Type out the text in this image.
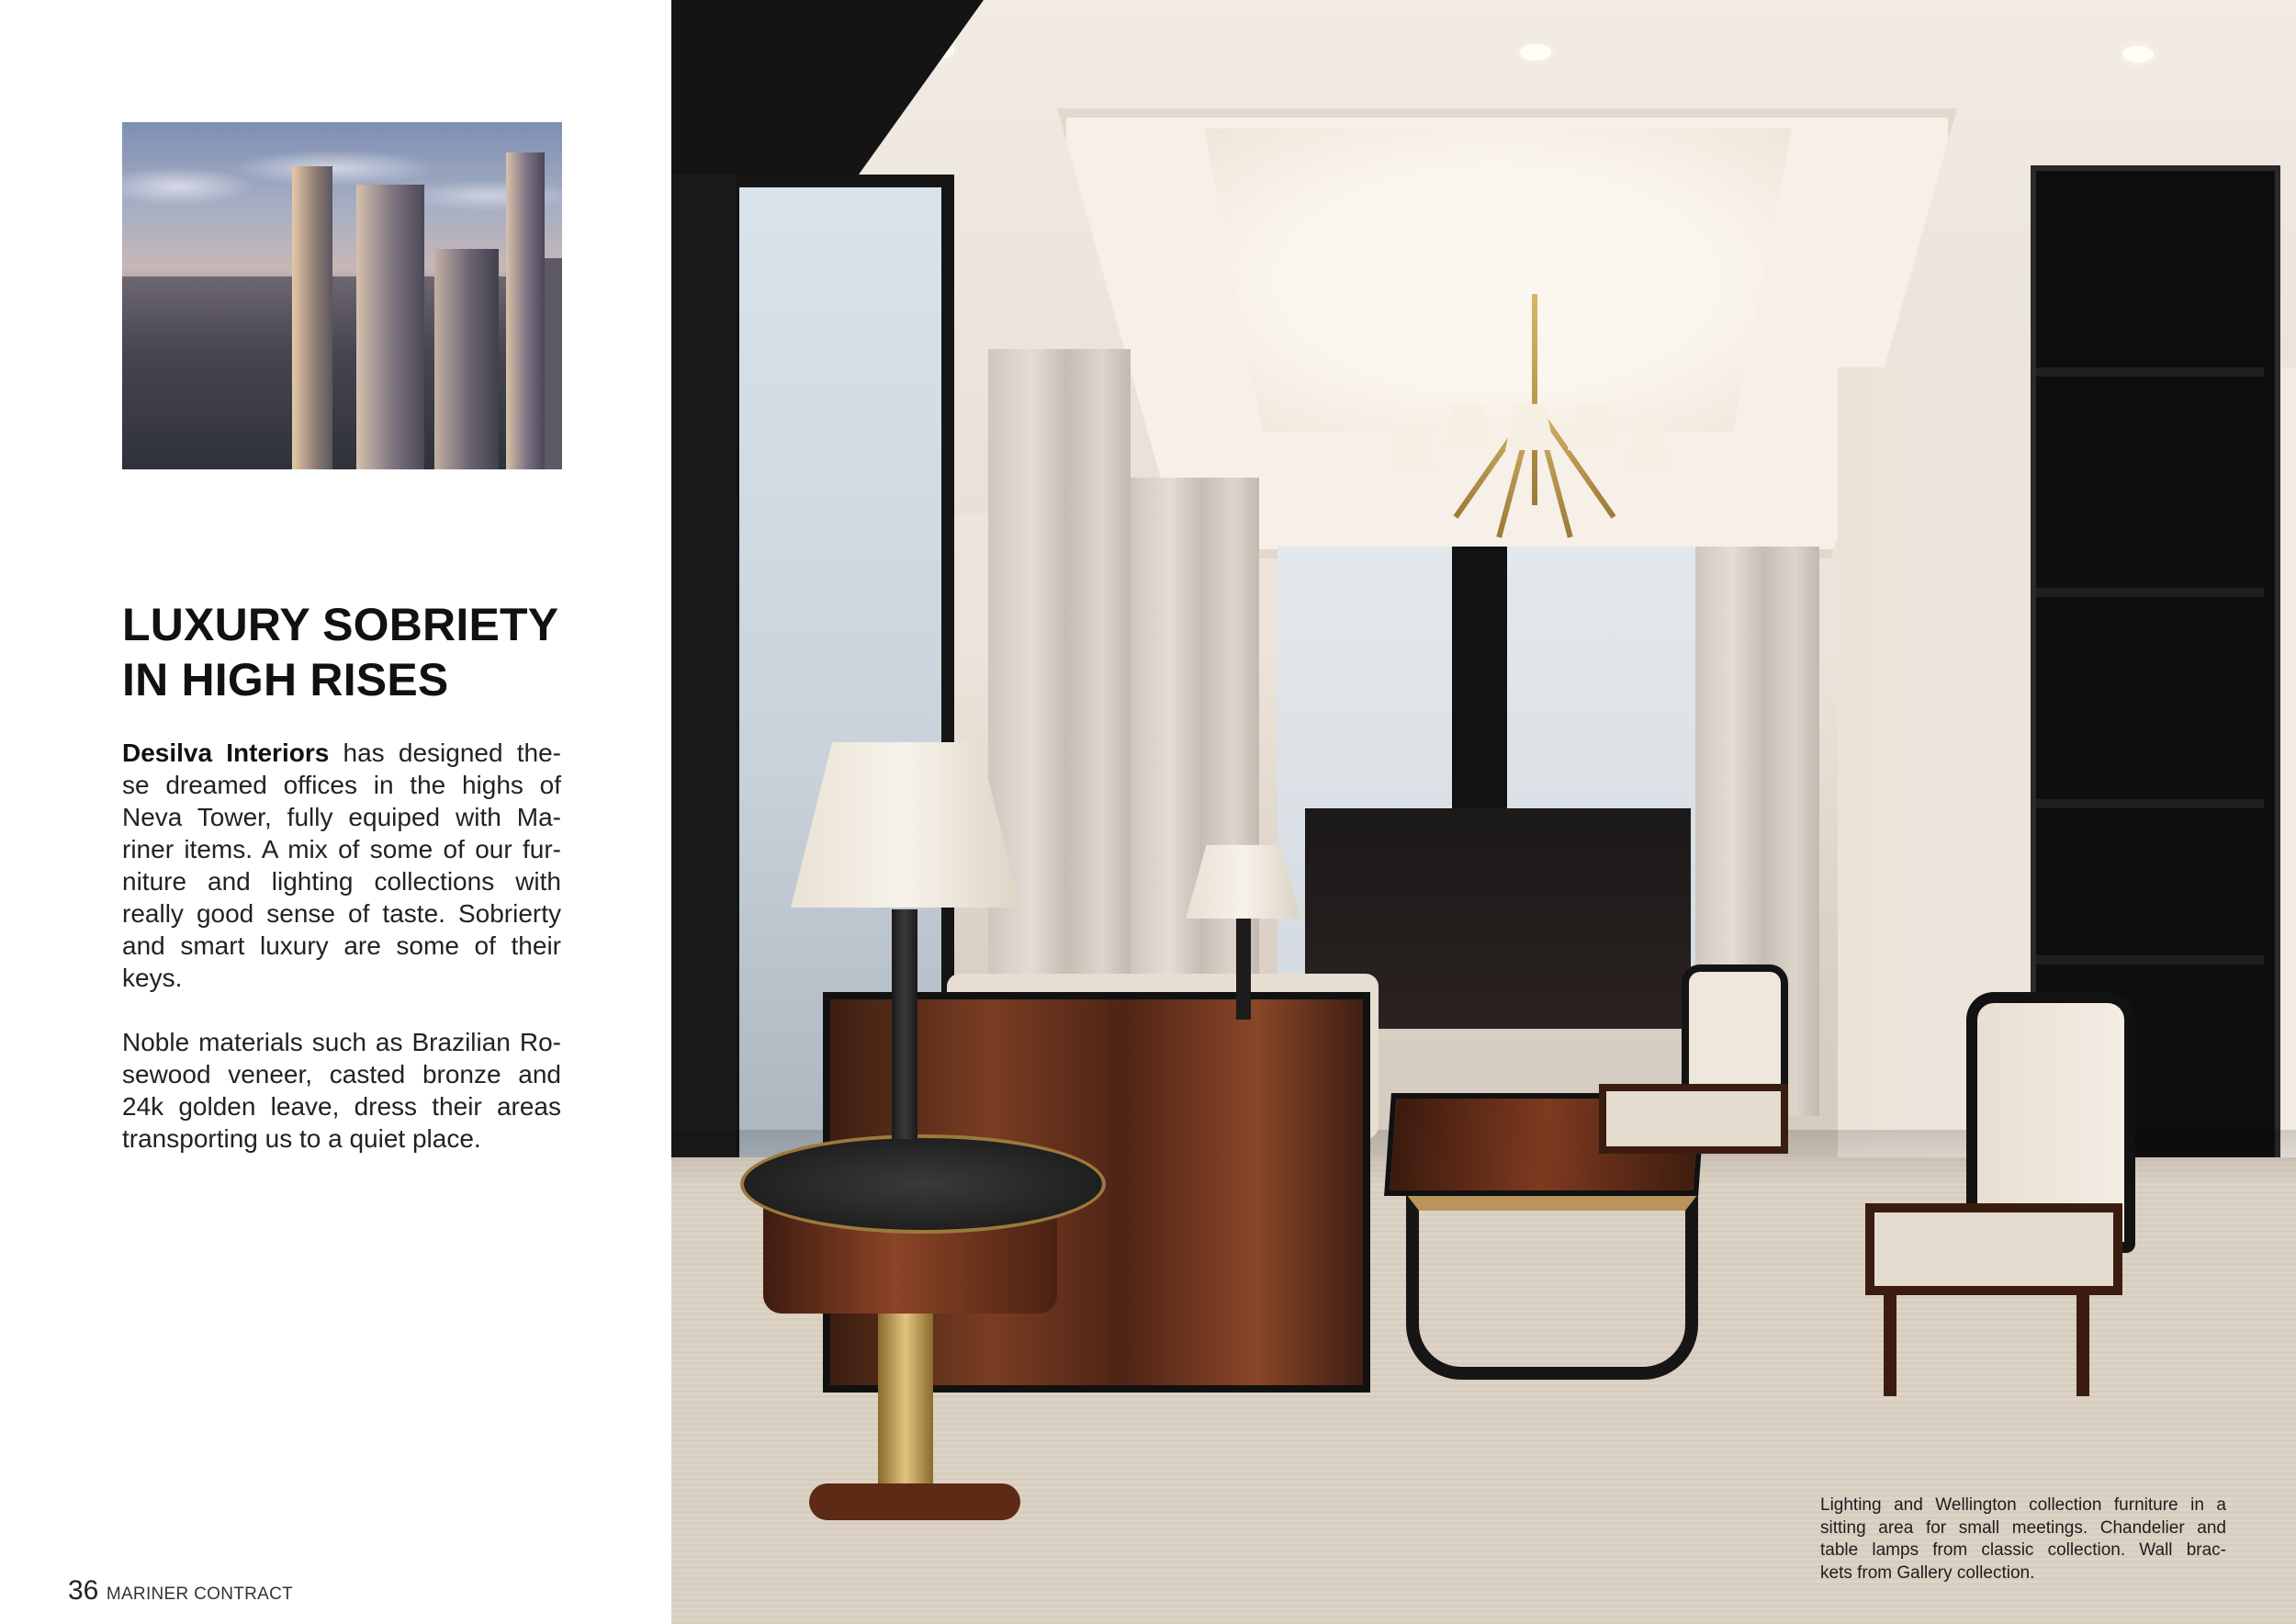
LUXURY SOBRIETY
IN HIGH RISES
Desilva Interiors has designed the-
se dreamed offices in the highs of
Neva Tower, fully equiped with Ma-
riner items. A mix of some of our fur-
niture and lighting collections with
really good sense of taste. Sobrierty
and smart luxury are some of their
keys.
Noble materials such as Brazilian Ro-
sewood veneer, casted bronze and
24k golden leave, dress their areas
transporting us to a quiet place.
36 MARINER CONTRACT
Lighting and Wellington collection furniture in a
sitting area for small meetings. Chandelier and
table lamps from classic collection. Wall brac-
kets from Gallery collection.
